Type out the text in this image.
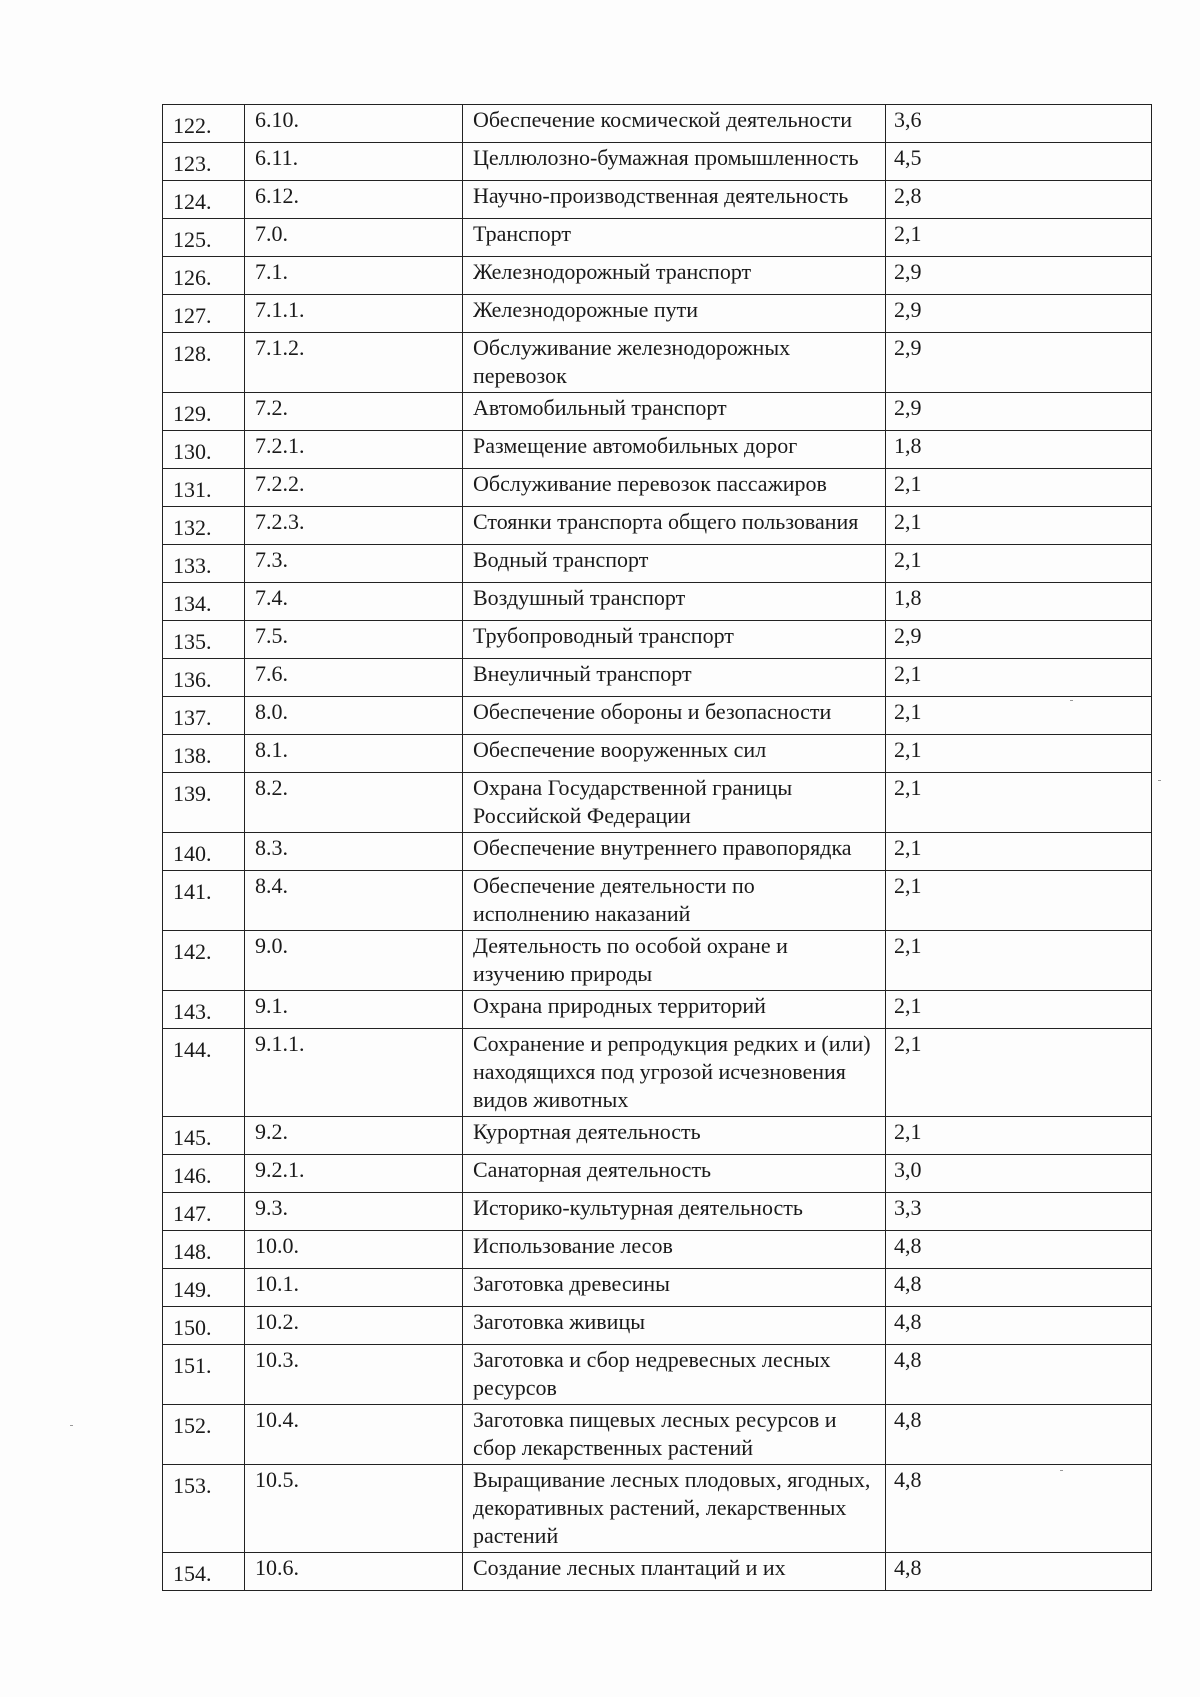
122.	6.10.	Обеспечение космической деятельности	3,6
123.	6.11.	Целлюлозно-бумажная промышленность	4,5
124.	6.12.	Научно-производственная деятельность	2,8
125.	7.0.	Транспорт	2,1
126.	7.1.	Железнодорожный транспорт	2,9
127.	7.1.1.	Железнодорожные пути	2,9
128.	7.1.2.	Обслуживание железнодорожных перевозок	2,9
129.	7.2.	Автомобильный транспорт	2,9
130.	7.2.1.	Размещение автомобильных дорог	1,8
131.	7.2.2.	Обслуживание перевозок пассажиров	2,1
132.	7.2.3.	Стоянки транспорта общего пользования	2,1
133.	7.3.	Водный транспорт	2,1
134.	7.4.	Воздушный транспорт	1,8
135.	7.5.	Трубопроводный транспорт	2,9
136.	7.6.	Внеуличный транспорт	2,1
137.	8.0.	Обеспечение обороны и безопасности	2,1
138.	8.1.	Обеспечение вооруженных сил	2,1
139.	8.2.	Охрана Государственной границы Российской Федерации	2,1
140.	8.3.	Обеспечение внутреннего правопорядка	2,1
141.	8.4.	Обеспечение деятельности по исполнению наказаний	2,1
142.	9.0.	Деятельность по особой охране и изучению природы	2,1
143.	9.1.	Охрана природных территорий	2,1
144.	9.1.1.	Сохранение и репродукция редких и (или) находящихся под угрозой исчезновения видов животных	2,1
145.	9.2.	Курортная деятельность	2,1
146.	9.2.1.	Санаторная деятельность	3,0
147.	9.3.	Историко-культурная деятельность	3,3
148.	10.0.	Использование лесов	4,8
149.	10.1.	Заготовка древесины	4,8
150.	10.2.	Заготовка живицы	4,8
151.	10.3.	Заготовка и сбор недревесных лесных ресурсов	4,8
152.	10.4.	Заготовка пищевых лесных ресурсов и сбор лекарственных растений	4,8
153.	10.5.	Выращивание лесных плодовых, ягодных, декоративных растений, лекарственных растений	4,8
154.	10.6.	Создание лесных плантаций и их	4,8
